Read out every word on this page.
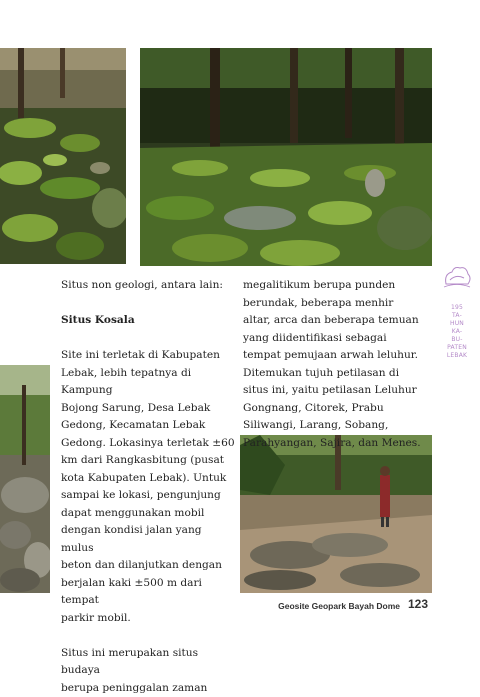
Situs non geologi, antara lain:

Situs Kosala

Site ini terletak di Kabupaten

Lebak, lebih tepatnya di Kampung

Bojong Sarung, Desa Lebak

Gedong, Kecamatan Lebak

Gedong. Lokasinya terletak ±60

km dari Rangkasbitung (pusat

kota Kabupaten Lebak). Untuk

sampai ke lokasi, pengunjung

dapat menggunakan mobil

dengan kondisi jalan yang mulus

beton dan dilanjutkan dengan

berjalan kaki ±500 m dari tempat

parkir mobil.

Situs ini merupakan situs budaya

berupa peninggalan zaman

megalitikum berupa punden

berundak, beberapa menhir

altar, arca dan beberapa temuan

yang diidentifikasi sebagai

tempat pemujaan arwah leluhur.

Ditemukan tujuh petilasan di

situs ini, yaitu petilasan Leluhur

Gongnang, Citorek, Prabu

Siliwangi, Larang, Sobang,

Parahyangan, Sajira, dan Menes.

195
TA-
HUN
KA-
BU-
PATEN
LEBAK
Geosite Geopark Bayah Dome 123
